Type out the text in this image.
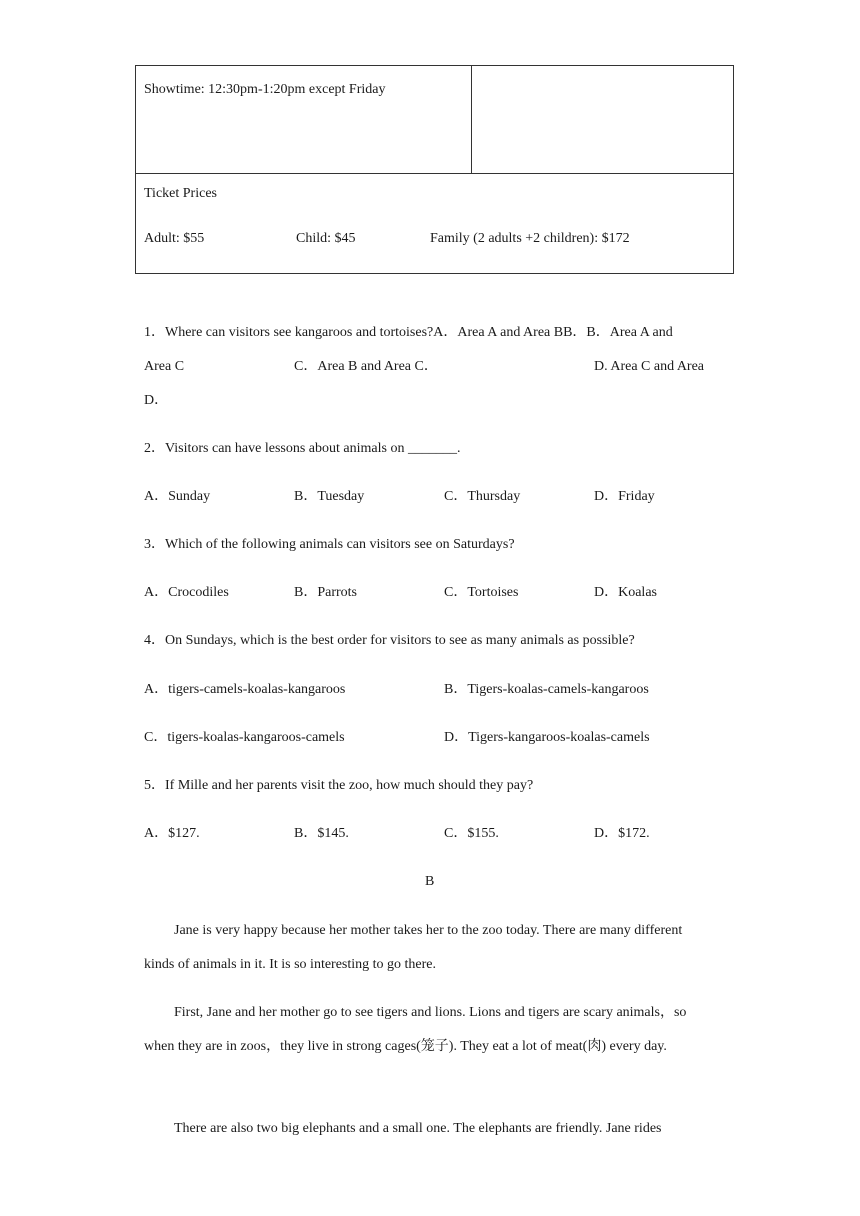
Showtime: 12:30pm-1:20pm except Friday
Ticket Prices
Adult: $55	Child: $45	Family (2 adults +2 children): $172
1．Where can visitors see kangaroos and tortoises?A．Area A and Area BB．B．Area A and
Area C	C．Area B and Area C．	D. Area C and Area
D．
2．Visitors can have lessons about animals on _______.
A．Sunday	B．Tuesday	C．Thursday	D．Friday
3．Which of the following animals can visitors see on Saturdays?
A．Crocodiles	B．Parrots	C．Tortoises	D．Koalas
4．On Sundays, which is the best order for visitors to see as many animals as possible?
A．tigers-camels-koalas-kangaroos	B．Tigers-koalas-camels-kangaroos
C．tigers-koalas-kangaroos-camels	D．Tigers-kangaroos-koalas-camels
5．If Mille and her parents visit the zoo, how much should they pay?
A．$127.	B．$145.	C．$155.	D．$172.
B
Jane is very happy because her mother takes her to the zoo today. There are many different kinds of animals in it. It is so interesting to go there.
First, Jane and her mother go to see tigers and lions. Lions and tigers are scary animals，so when they are in zoos，they live in strong cages(笼子). They eat a lot of meat(肉) every day.
There are also two big elephants and a small one. The elephants are friendly. Jane rides
